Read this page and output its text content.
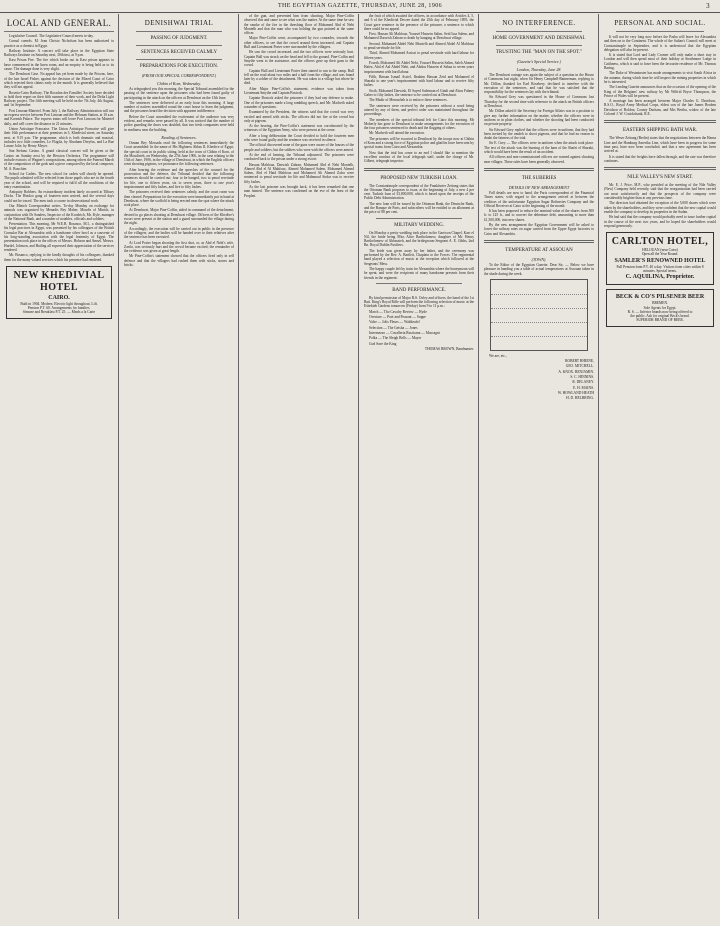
THE EGYPTIAN GAZETTE, THURSDAY, JUNE 28, 1906	3
LOCAL AND GENERAL.

Legislative Council. The Legislative Council meets to-day.

Consul cuerrds. M. Jean Christo Nicholson has been authorized to practice as a chemist in Egypt.

Railway Institute. A concert will take place in the Egyptian State Railways Institute on Saturday next, 30th inst, at 9 p.m.

Kasr Prison Fire. The fire which broke out in Kasr prison appears to have commenced in the linen room, and an enquiry is being held as to its cause. The damage done is very slight.

The Denshwai Case. No appeal has yet been made by the Prisons, here, of the late Israel Fisher, against the decision of the Mixed Court of Cairo which rejected their claims early in the month. It is generally believed that they will not appeal.

Rosetta-Cairo Railway. The Rossdon des Familles' Society have decided to hold their report on their fifth summer of their work, and the Delta Light Railway project. The fifth meeting will be held on the 7th July, 4th August, and 1st September.

Port Limoun-Materiel. From July 1, the Railway Administration will run an express service between Port Limoun and the Helouan Station, at 10 a.m. and Kornish Palace. The express trains will leave Port Limoun for Materiel daily, and will cover the distance in 21 minutes.

Union Artistique Francaise. The Union Artistique Francaise will give their 16th performance at their premises in 3, Khedivial street, on Saturday next, at 9.15 p.m. The programme, which is both dramatic and musical, includes two little comedies, Le Flagila, by Abraham Dreyfus, and La Rue Laruse Jolie, by Henry Meyer.

San Stefano Casino. A grand classical concert will be given at the Casino on Sunday next by the Hession Orchestra. The programme will include extracts of Wagner's compositions, among others the Funeral March of the composition of the gods and a piece composed by the local composer, M. A. Bouchier.

School for Cadets. The new school for cadets will shortly be opened. The pupils admitted will be selected from those pupils who are in the fourth year of the school, and will be required to fulfil all the conditions of the entry examination.

Antiquity Robbers. An extraordinary incident lately occurred at Tilbury Docks. The Hindoo gang of fourteen men arrived, and the several days could not be traced. The men took a course in observational work.

Our Minich Correspondent writes. To-day Monday an exchange for animals was organised by Menadis Bey Maher, Moudir of Minich, in conjunction with Dr Sanders, Inspector of the Koodrich, Mr. Kyle, manager of the National Bank, and a number of notables, officials and soldiers.

Presentation. This morning, Mr W.E.B. Bosanco, M.I., a distinguished his legal practices in Egypt, was presented by his colleagues of the British Consular Bar at Alexandria with a handsome silver bowl as a souvenir of his long-standing association with the legal fraternity of Egypt. The presentation took place in the offices of Messrs. Hobson and Amsel. Messrs. Hurdel, Johnson, and Hailing all expressed their appreciation of the services rendered.

Mr. Bosanco, replying to the kindly thoughts of his colleagues, thanked them for the many valued services which his presence had rendered.

NEW KHEDIVIAL HOTEL
CAIRO.
Built in 1904. Modern. Electric light throughout. Lift.
Pension P.T. 60. Arrangements for families.
Simone and Breakfast P.T. 25. — Meals a la Carte
DENISHWAI TRIAL
PASSING OF JUDGMENT.
SENTENCES RECEIVED CALMLY
PREPARATIONS FOR EXECUTION.
(FROM OUR SPECIAL CORRESPONDENT.)
Chibin el Kom, Wednesday.

As telegraphed you this morning, the Special Tribunal assembled for the passing of the sentence upon the prisoners who had been found guilty of participating in the attack on the officers at Denshwai on the 13th June.

The sentences were delivered at an early hour this morning. A large number of natives assembled round the court house to learn the judgment, and the prisoners heard the decision with apparent indifference.

Before the Court assembled the excitement of the audience was very evident, and remarks were passed by all. It was noticed that the number of police guarding the doors was doubled, that two fresh companies were held in readiness near the building.

Reading of Sentences.

Osman Bey Morsada read the following sentences immediately the Court assembled: In the name of His Highness Abbas II, Khedive of Egypt, the special court in its public sitting, held at the town of Chibin el Kom, of the Moudirieh, on Wednesday, the 27th June 1906, in the case relating to the 13th of June, 1906, in the village of Denshwai, in which the English officers went shooting pigeons, we pronounce the following sentences.

After hearing the evidence and the speeches of the counsel for the prosecution and the defence, the Tribunal decided that the following sentences should be carried out: four to be hanged, two to penal servitude for life, one to fifteen years, six to seven years, three to one year's imprisonment and fifty lashes, and five to fifty lashes.

The prisoners received their sentences calmly, and the court room was then cleared. Preparations for the execution were immediately put in hand at Denshwai, where the scaffold is being erected near the spot where the attack took place.

At Denshwai, Major Pine-Coffin, aided in command of the detachment, desired to go places shooting at Denshwai village. Officers of the Khedive's escort were present at the station and a guard surrounded the village during the night.

Accordingly, the execution will be carried out in public in the presence of the villagers, and the bodies will be handed over to their relatives after the sentence has been executed.

At Lord Porter began shooting the first shot, or, as Abd el Nebi's wife, Zarifa, was seriously hurt and the crowd became excited; the remainder of the evidence was given at great length.

Mr Pine-Coffin's statement showed that the officers fired only in self defence and that the villagers had rushed them with sticks, stones and bricks.

of the gun, and prevented him from shooting. Major Pine-Coffin observed this and came to see what was the matter. At the same time he saw the smoke of the fire in the threshing floor of Mohamed Abd el Nebi Montelh and that the man who was holding the gun pointed at the same officer.

Major Pine-Coffin went, accompanied by two comrades, towards the other officers, to see that the crowd around them increased, and Captain Bull and Lieutenant Porter were surrounded by the villagers.

He saw the crowd increased, and the two officers were seriously hurt. Captain Bull was struck on the head and fell to the ground. Pine-Coffin and Smythe went to the assistance, and the officers gave up their guns to the crowd.

Captain Bull and Lieutenant Porter then started to run to the camp. Bull fell on the road about two miles and a half from the village, and was found later by a soldier of the detachment. He was taken to a village hut where he died.

After Major Pine-Coffin's statement, evidence was taken from Lieutenant Smythe and Captain Bostock.

Captain Bostock asked the prisoners if they had any defence to make. One of the prisoners made a long rambling speech, and Mr. Macbeth asked a number of questions.

Examined by the President, the witness said that the crowd was very excited and armed with sticks. The officers did not fire at the crowd but only at pigeons.

At the hearing, the Pine-Coffin's statement was corroborated by the witnesses of the Egyptian Army, who were present at the scene.

After a long deliberation the Court decided to hold the fourteen men who were found guilty and the sentence was received in silence.

The official discovered none of the guns were aware of the houses of the people and soldiers, but the soldiers who were with the officers were armed.

At the end of hearing, the Tribunal adjourned. The prisoners were conducted back to the prison under a strong escort.

Hassan Mahfouz, Darwish Zahran, Mohamed Abd el Nebi Montelh, Ahmed Abd el Al Mahfouz, Ahmed Mohamed Salem, Mohamed Ahmed Salem, Abd el Haid Mahfouz and Mohamed Ali Ahmed Zafra were sentenced to penal servitude for life and Mahmoud Sirdar was to receive fifty lashes.

As the last prisoner was brought back, it has been remarked that one man fainted. The sentence was confirmed on the eve of the feast of the Prophet.

the fruit of which awaited the officers, in accordance with Articles 4, 5, and 6 of the Khedivial Decree dated the 25th day of February 1895, the Court gave sentence in the presence of the prisoner, a sentence to which there could be no appeal.

First, Hassan Ali Mahfouz, Youssef Hussein Salim, Seid Issa Salem, and Mohamed Darwish Zahran to death by hanging at Denshwai village.

Second, Mohamed Abdel Nebi Montelh and Ahmed Abdel Al Mahfouz to penal servitude for life.

Third, Ahmed Mohamed Assissi to penal servitude with hard labour for fifteen years.

Fourth, Mohamed Ali Abdel Nebi, Youssef Hussein Salim, Saleh Ahmed Hafez, Abd el Aal Abdel Nebi, and Abdou Hussein el Sabaa to seven years imprisonment with hard labour.

Fifth, Hassan Ismail Assiel, Ibrahim Hassan Zeid and Mohamed el Sharaki to one year's imprisonment with hard labour and to receive fifty lashes.

Sixth, Mohamed Darwish, El Sayed Suleiman el Gindi and Abou Fahmy Gaber to fifty lashes, the sentence to be carried out at Denshwai.

The Mudir of Menoufieh is to enforce these sentences.

The sentences were received by the prisoners without a word being uttered by any of them, and perfect order was maintained throughout the proceedings.

The members of the special tribunal left for Cairo this morning. Mr Moberly has gone to Denshwai to make arrangements for the execution of the four prisoners sentenced to death and the flogging of others.

Mr. Macbeth will attend the execution.

The prisoners will be escorted to Denshwai by the troops now at Chibin el Kom and a strong force of Egyptian police and ghaffirs have been sent by special trains from Cairo and Alexandria.

Now that the trial has come to an end I should like to mention the excellent conduct of the local telegraph staff, under the charge of Mr. Gilbert, telegraph inspector.

PROPOSED NEW TURKISH LOAN.

The Constantinople correspondent of the Frankfurter Zeitung states that the Ottoman Bank proposes to issue, at the beginning of July, a new 4 per cent. Turkish loan of £3,800,000, which is based upon the receipts of the Public Debt Administration.

The new loan will be issued by the Ottoman Bank, the Deutsche Bank, and the Banque de Paris, and subscribers will be entitled to an allotment at the price of 88 per cent.

MILITARY WEDDING.

On Monday a pretty wedding took place in the Garrison Chapel, Kasr el Nil, the bride being Miss Alice Bartholomew, daughter of Mr. Henry Bartholomew of Abbassieh, and the bridegroom Sergeant A. E. Gibbs, 2nd Bn. Royal Dublin Fusiliers.

The bride was given away by her father, and the ceremony was performed by the Rev. A. Bartlett, Chaplain to the Forces. The regimental band played a selection of music at the reception which followed at the Sergeants' Mess.

The happy couple left by train for Alexandria where the honeymoon will be spent, and were the recipients of many handsome presents from their friends in the regiment.

BAND PERFORMANCE.

By kind permission of Major R.S. Oxley and officers, the band of the 1st Batt. King's Royal Rifle will perform the following selection of music at the Esbekieh Gardens tomorrow (Friday) from 9 to 11 p.m.:

March — Tho Cavalry Review — Hyde

Overture — Poet and Peasant — Suppe

Valse — Jolis Fleurs — Waldteufel

Selection — The Geisha — Jones

Intermezzo — Cavalleria Rusticana — Mascagni

Polka — The Sleigh Bells — Mayer

God Save the King

THOMAS BROWN, Bandmaster.

NO INTERFERENCE.
HOME GOVERNMENT AND DENISHWAI.
TRUSTING THE "MAN ON THE SPOT."
(Gazette's Special Service.)
London, Thursday, June 28.

The Denshwai outrage was again the subject of a question in the House of Commons last night, when Sir Henry Campbell-Bannerman, replying to Mr. Dillon, thanked for Earl Rosebery, declined to interfere with the execution of the sentences, and said that he was satisfied that the responsibility for the sentences lay with the tribunal.

Sir Edward Grey was questioned in the House of Commons last Thursday for the second time with reference to the attack on British officers at Denshwai.

Mr. Dillon asked if the Secretary for Foreign Affairs was in a position to give any further information on the matter, whether the officers were in uniform or in plain clothes, and whether the shooting had been conducted on private property.

Sir Edward Grey replied that the officers were in uniform, that they had been invited by the omdeh to shoot pigeons, and that he had no reason to doubt the fairness of the trial.

Sir E. Grey — The officers were in uniform when the attack took place. The test of the attack was the burning of the barn of the Shafei el Sharaki, which would have been the result of an accident.

All officers and non-commissioned officers are warned against shooting near villages. These rules have been generally observed.

THE SUBERIES
DETAILS OF NEW ARRANGEMENT

Full details are now to hand, the Paris correspondent of the Financial Times states, with regard to the arrangement arrived at between the creditors of the unfortunate Egyptian Sugar Refineries Company and the Official Receiver at Cairo at the beginning of the month.

It has been proposed to reduce the nominal value of the shares from 500 fr. to 125 fr., and to convert the debenture debt, amounting to more than £1,500,000, into new shares.

By the new arrangement the Egyptian Government will be asked to lower the railway rates on sugar carried from the Upper Egypt factories to Cairo and Alexandria.

TEMPERATURE AT ASSOUAN
(TOWN).

To the Editor of the Egyptian Gazette. Dear Sir, — Below we have pleasure in handing you a table of actual temperatures at Assouan taken in the shade during the week.

We are, etc.,

ROBERT RHEINE,

GEO. MITCHELL.

A. KNOX. BENJAMIN.

S. C. HINNINS.

R. DELANEY.

E. H. MAINS.

W. HOWLAND HEATH

H. D. HELBRING.

PERSONAL AND SOCIAL.

It will not be very long now before the Pasha will leave for Alexandria and then on to the Continent. The whole of the Sultan's Council will meet at Constantinople in September, and it is understood that the Egyptian delegation will also be present.

It is stated that Lord and Lady Cromer will only make a short stay in London and will then spend most of their holiday at Strathmore Lodge in Caithness, which is said to have been the favourite residence of Mr. Thomas Baring.

The Duke of Westminster has made arrangements to visit South Africa in the autumn, during which time he will inspect the mining properties in which he is interested.

The Lending Gazette announces that on the occasion of the opening of the King of the Belgians' new railway by Mr Wilfrid Bryce Thompson, the Prince of Wales will be present.

A marriage has been arranged between Major Charles G. Davidson, R.S.O., Royal Army Medical Corps, eldest son of the late James Reuben Davidson of Boldon, County Durham, and Mrs Bertha, widow of the late Colonel J. W. Cruickshank, R.E.

EASTERN SHIPPING BATH WAR.

The Weser Zeitung (Berlin) states that the negotiations between the Hansa Line and the Hamburg Amerika Line, which have been in progress for some time past, have now been concluded, and that a new agreement has been arrived at.

It is stated that the freights have fallen through, and the rate war therefore continues.

NILE VALLEY'S NEW START.

Mr. E. J. Price, M.P., who presided at the meeting of the Nile Valley (New) Company held recently, said that the reorganisation had been carried out most satisfactorily and that the prospects of the company were considerably brighter than at any previous time.

The directors had obtained the exception of the 5,000 shares which were taken by the shareholders, and they were confident that the new capital would enable the company to develop its properties in the Sudan.

He had said that the company would probably need to issue further capital in the course of the next two years, and he hoped the shareholders would respond generously.

CARLTON HOTEL,
HELOUAN (near Cairo)
Open all the Year Round.
SAMLER'S RENOWNED HOTEL
Full Pension from P.T. 40 a day. Visitors from cities within 8 minutes. Special terms.
C. AQUILINA, Proprietor.
BECK & CO'S PILSENER BEER
BREMEN.
Sole Agents for Egypt.
R. S. — Inferior brands now being offered to
the public. Ask for original Beck's brand.
SUPERIOR BRAND OF BEER.
